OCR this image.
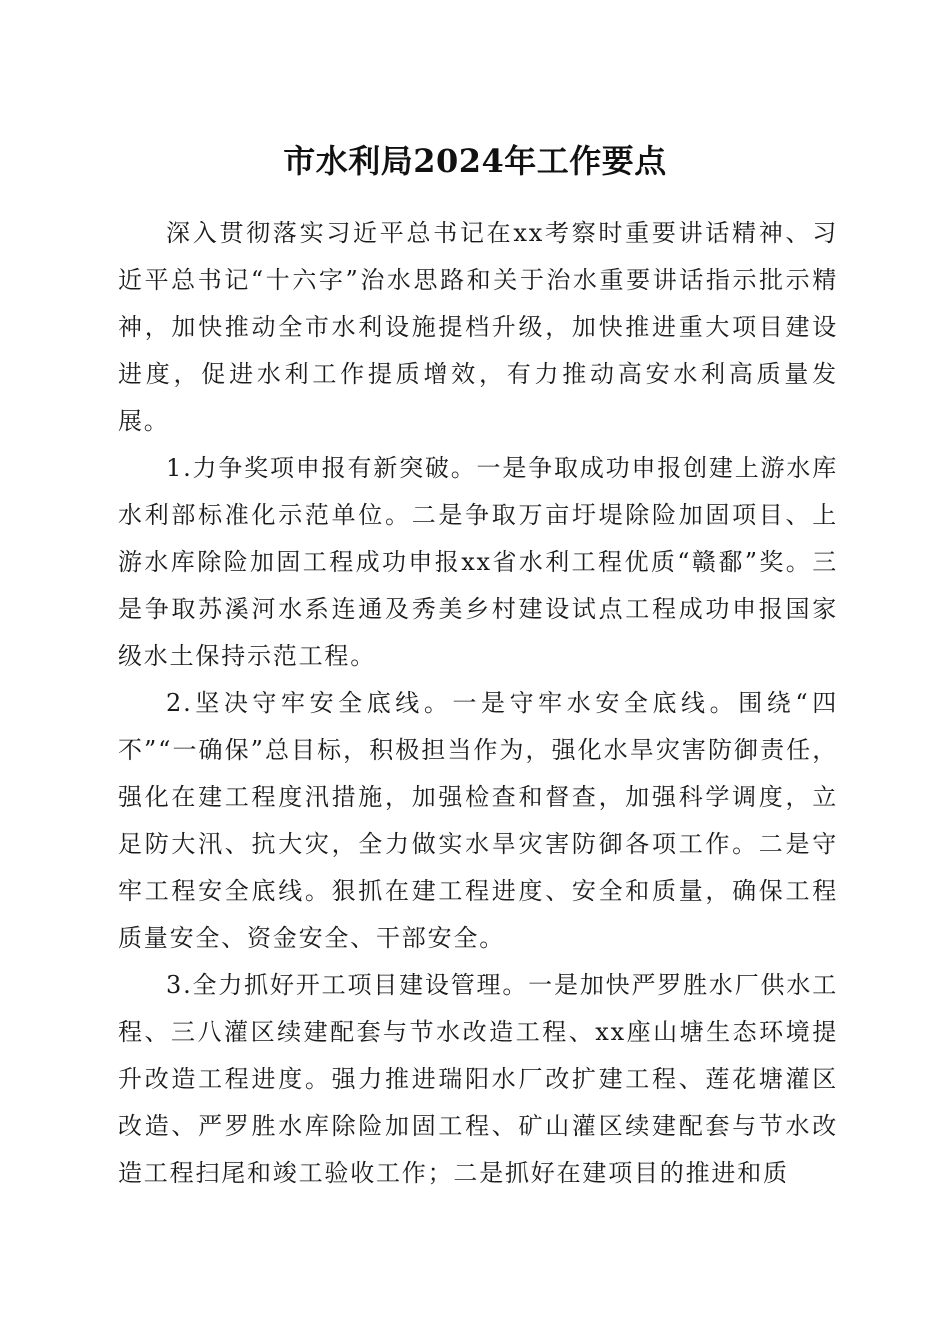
市水利局2024年工作要点

深入贯彻落实习近平总书记在xx考察时重要讲话精神、习近平总书记“十六字”治水思路和关于治水重要讲话指示批示精神，加快推动全市水利设施提档升级，加快推进重大项目建设进度，促进水利工作提质增效，有力推动高安水利高质量发展。

1.力争奖项申报有新突破。一是争取成功申报创建上游水库水利部标准化示范单位。二是争取万亩圩堤除险加固项目、上游水库除险加固工程成功申报xx省水利工程优质“赣鄱”奖。三是争取苏溪河水系连通及秀美乡村建设试点工程成功申报国家级水土保持示范工程。

2.坚决守牢安全底线。一是守牢水安全底线。围绕“四不”“一确保”总目标，积极担当作为，强化水旱灾害防御责任，强化在建工程度汛措施，加强检查和督查，加强科学调度，立足防大汛、抗大灾，全力做实水旱灾害防御各项工作。二是守牢工程安全底线。狠抓在建工程进度、安全和质量，确保工程质量安全、资金安全、干部安全。

3.全力抓好开工项目建设管理。一是加快严罗胜水厂供水工程、三八灌区续建配套与节水改造工程、xx座山塘生态环境提升改造工程进度。强力推进瑞阳水厂改扩建工程、莲花塘灌区改造、严罗胜水库除险加固工程、矿山灌区续建配套与节水改造工程扫尾和竣工验收工作；二是抓好在建项目的推进和质
